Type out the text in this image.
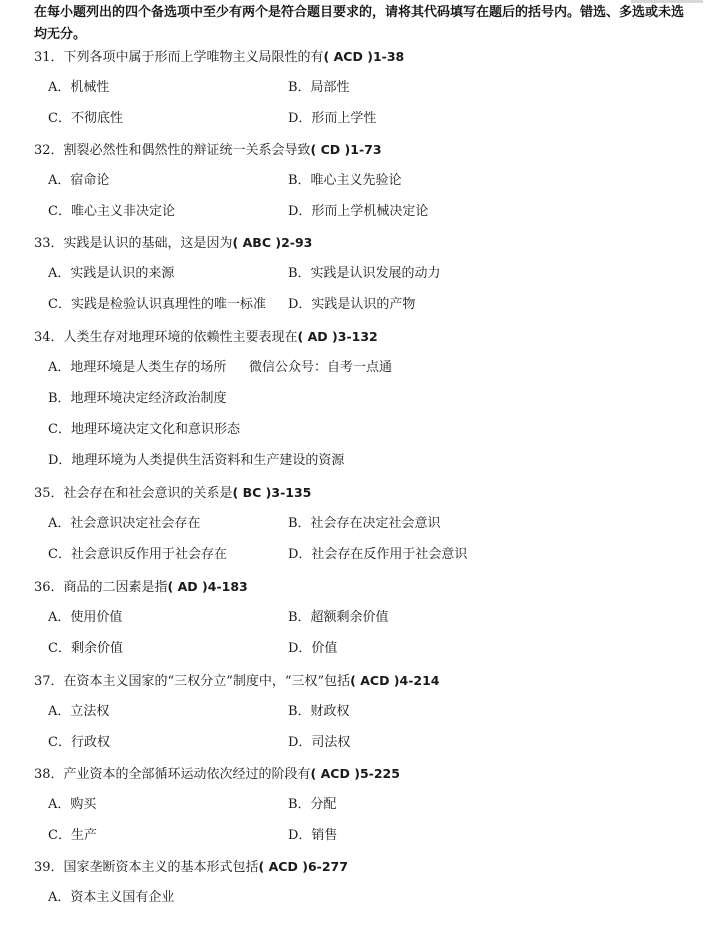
在每小题列出的四个备选项中至少有两个是符合题目要求的，请将其代码填写在题后的括号内。错选、多选或未选均无分。
31．下列各项中属于形而上学唯物主义局限性的有( ACD )1-38
A．机械性	B．局部性
C．不彻底性	D．形而上学性
32．割裂必然性和偶然性的辩证统一关系会导致( CD )1-73
A．宿命论	B．唯心主义先验论
C．唯心主义非决定论	D．形而上学机械决定论
33．实践是认识的基础，这是因为( ABC )2-93
A．实践是认识的来源	B．实践是认识发展的动力
C．实践是检验认识真理性的唯一标准 D．实践是认识的产物
34．人类生存对地理环境的依赖性主要表现在( AD )3-132
A．地理环境是人类生存的场所 微信公众号：自考一点通
B．地理环境决定经济政治制度
C．地理环境决定文化和意识形态
D．地理环境为人类提供生活资料和生产建设的资源
35．社会存在和社会意识的关系是( BC )3-135
A．社会意识决定社会存在	B．社会存在决定社会意识
C．社会意识反作用于社会存在	D．社会存在反作用于社会意识
36．商品的二因素是指( AD )4-183
A．使用价值	B．超额剩余价值
C．剩余价值	D．价值
37．在资本主义国家的“三权分立”制度中，“三权”包括( ACD )4-214
A．立法权	B．财政权
C．行政权	D．司法权
38．产业资本的全部循环运动依次经过的阶段有( ACD )5-225
A．购买	B．分配
C．生产	D．销售
39．国家垄断资本主义的基本形式包括( ACD )6-277
A．资本主义国有企业
